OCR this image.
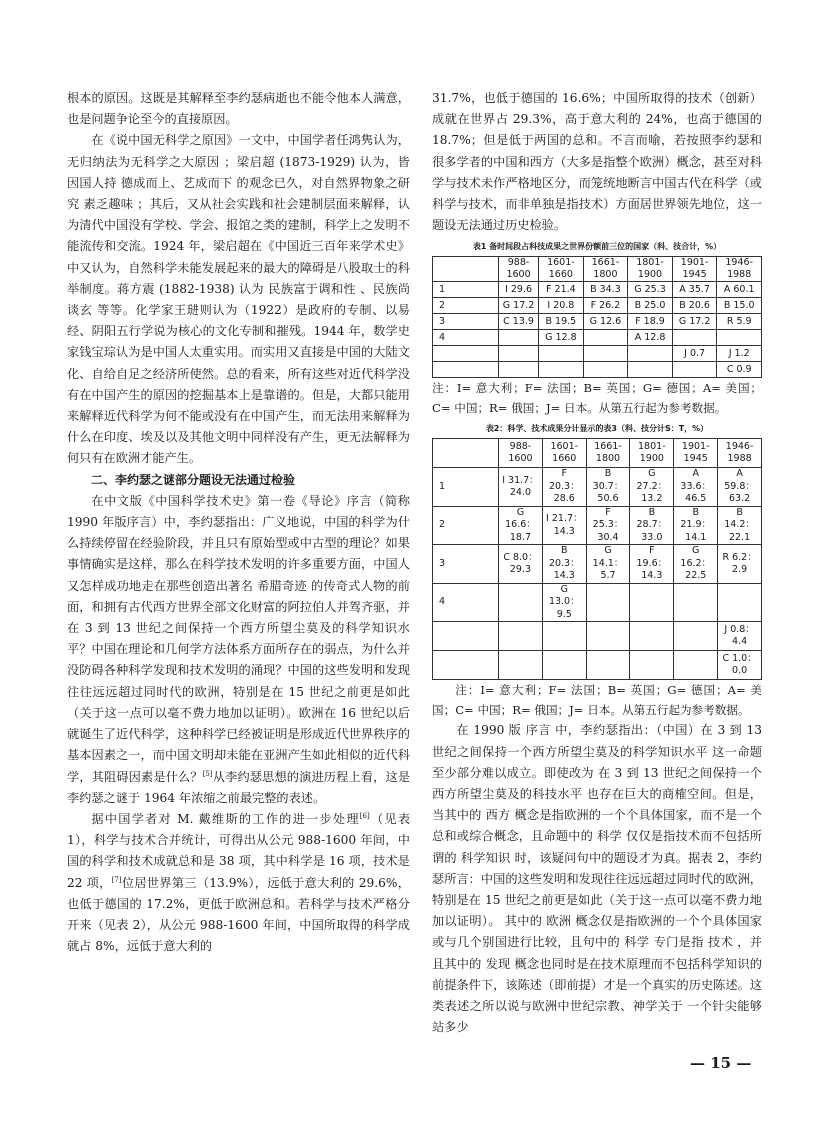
根本的原因。这既是其解释至李约瑟病逝也不能令他本人满意，也是问题争论至今的直接原因。

在《说中国无科学之原因》一文中，中国学者任鸿隽认为， 无归纳法为无科学之大原因 ；梁启超 (1873-1929) 认为，皆因国人持 德成而上、艺成而下 的观念已久，对自然界物象之研究 素乏趣味 ；其后，又从社会实践和社会建制层面来解释，认为清代中国没有学校、学会、报馆之类的建制，科学上之发明不能流传和交流。1924 年，梁启超在《中国近三百年来学术史》中又认为，自然科学未能发展起来的最大的障碍是八股取士的科举制度。蒋方震 (1882-1938) 认为 民族富于调和性 、民族尚谈玄 等等。化学家王琎则认为（1922）是政府的专制、以易经、阴阳五行学说为核心的文化专制和摧残。1944 年，数学史家钱宝琮认为是中国人太重实用。而实用又直接是中国的大陆文化、自给自足之经济所使然。总的看来，所有这些对近代科学没有在中国产生的原因的挖掘基本上是靠谱的。但是，大都只能用来解释近代科学为何不能或没有在中国产生，而无法用来解释为什么在印度、埃及以及其他文明中同样没有产生，更无法解释为何只有在欧洲才能产生。

二、李约瑟之谜部分题设无法通过检验

在中文版《中国科学技术史》第一卷《导论》序言（简称 1990 年版序言）中，李约瑟指出：广义地说，中国的科学为什么持续停留在经验阶段，并且只有原始型或中古型的理论？如果事情确实是这样，那么在科学技术发明的许多重要方面，中国人又怎样成功地走在那些创造出著名 希腊奇迹 的传奇式人物的前面，和拥有古代西方世界全部文化财富的阿拉伯人并驾齐驱，并在 3 到 13 世纪之间保持一个西方所望尘莫及的科学知识水平？中国在理论和几何学方法体系方面所存在的弱点，为什么并没防碍各种科学发现和技术发明的涌现？中国的这些发明和发现往往远远超过同时代的欧洲，特别是在 15 世纪之前更是如此（关于这一点可以毫不费力地加以证明）。欧洲在 16 世纪以后就诞生了近代科学，这种科学已经被证明是形成近代世界秩序的基本因素之一，而中国文明却未能在亚洲产生如此相似的近代科学，其阻碍因素是什么？[5]从李约瑟思想的演进历程上看，这是李约瑟之谜于 1964 年浓缩之前最完整的表述。

据中国学者对 M. 戴维斯的工作的进一步处理[6]（见表 1），科学与技术合并统计，可得出从公元 988-1600 年间，中国的科学和技术成就总和是 38 项，其中科学是 16 项，技术是 22 项，[7]位居世界第三（13.9%），远低于意大利的 29.6%，也低于德国的 17.2%，更低于欧洲总和。若科学与技术严格分开来（见表 2），从公元 988-1600 年间，中国所取得的科学成就占 8%，远低于意大利的

31.7%，也低于德国的 16.6%；中国所取得的技术（创新）成就在世界占 29.3%，高于意大利的 24%，也高于德国的 18.7%；但是低于两国的总和。不言而喻，若按照李约瑟和很多学者的中国和西方（大多是指整个欧洲）概念，甚至对科学与技术未作严格地区分，而笼统地断言中国古代在科学（或科学与技术，而非单独是指技术）方面居世界领先地位，这一题设无法通过历史检验。

表1 备时间段占科技成果之世界份额前三位的国家（科、技合计，%）
	988-1600	1601-1660	1661-1800	1801-1900	1901-1945	1946-1988
1	I 29.6	F 21.4	B 34.3	G 25.3	A 35.7	A 60.1
2	G 17.2	I 20.8	F 26.2	B 25.0	B 20.6	B 15.0
3	C 13.9	B 19.5	G 12.6	F 18.9	G 17.2	R 5.9
4		G 12.8		A 12.8		
					J 0.7	J 1.2
						C 0.9

注：I= 意大利；F= 法国；B= 英国；G= 德国；A= 美国；C= 中国；R= 俄国；J= 日本。从第五行起为参考数据。

表2：科学、技术成果分计显示的表3（科、技分计S：T，%）
	988-1600	1601-1660	1661-1800	1801-1900	1901-1945	1946-1988
1	I 31.7：24.0	F 20.3：28.6	B 30.7：50.6	G 27.2：13.2	A 33.6：46.5	A 59.8：63.2
2	G 16.6：18.7	I 21.7：14.3	F 25.3：30.4	B 28.7：33.0	B 21.9：14.1	B 14.2：22.1
3	C 8.0：29.3	B 20.3：14.3	G 14.1：5.7	F 19.6：14.3	G 16.2：22.5	R 6.2：2.9
4		G 13.0：9.5				
						J 0.8：4.4
						C 1.0：0.0

注：I= 意大利；F= 法国；B= 英国；G= 德国；A= 美国；C= 中国；R= 俄国；J= 日本。从第五行起为参考数据。

在 1990 版 序言 中，李约瑟指出：（中国）在 3 到 13 世纪之间保持一个西方所望尘莫及的科学知识水平 这一命题至少部分难以成立。即使改为 在 3 到 13 世纪之间保持一个西方所望尘莫及的科技水平 也存在巨大的商榷空间。但是，当其中的 西方 概念是指欧洲的一个个具体国家，而不是一个总和或综合概念，且命题中的 科学 仅仅是指技术而不包括所谓的 科学知识 时，该疑问句中的题设才为真。据表 2，李约瑟所言：中国的这些发明和发现往往远远超过同时代的欧洲，特别是在 15 世纪之前更是如此（关于这一点可以毫不费力地加以证明）。 其中的 欧洲 概念仅是指欧洲的一个个具体国家或与几个别国进行比较，且句中的 科学 专门是指 技术 ，并且其中的 发现 概念也同时是在技术原理而不包括科学知识的前提条件下，该陈述（即前提）才是一个真实的历史陈述。这类表述之所以说与欧洲中世纪宗教、神学关于 一个针尖能够站多少

— 15 —
